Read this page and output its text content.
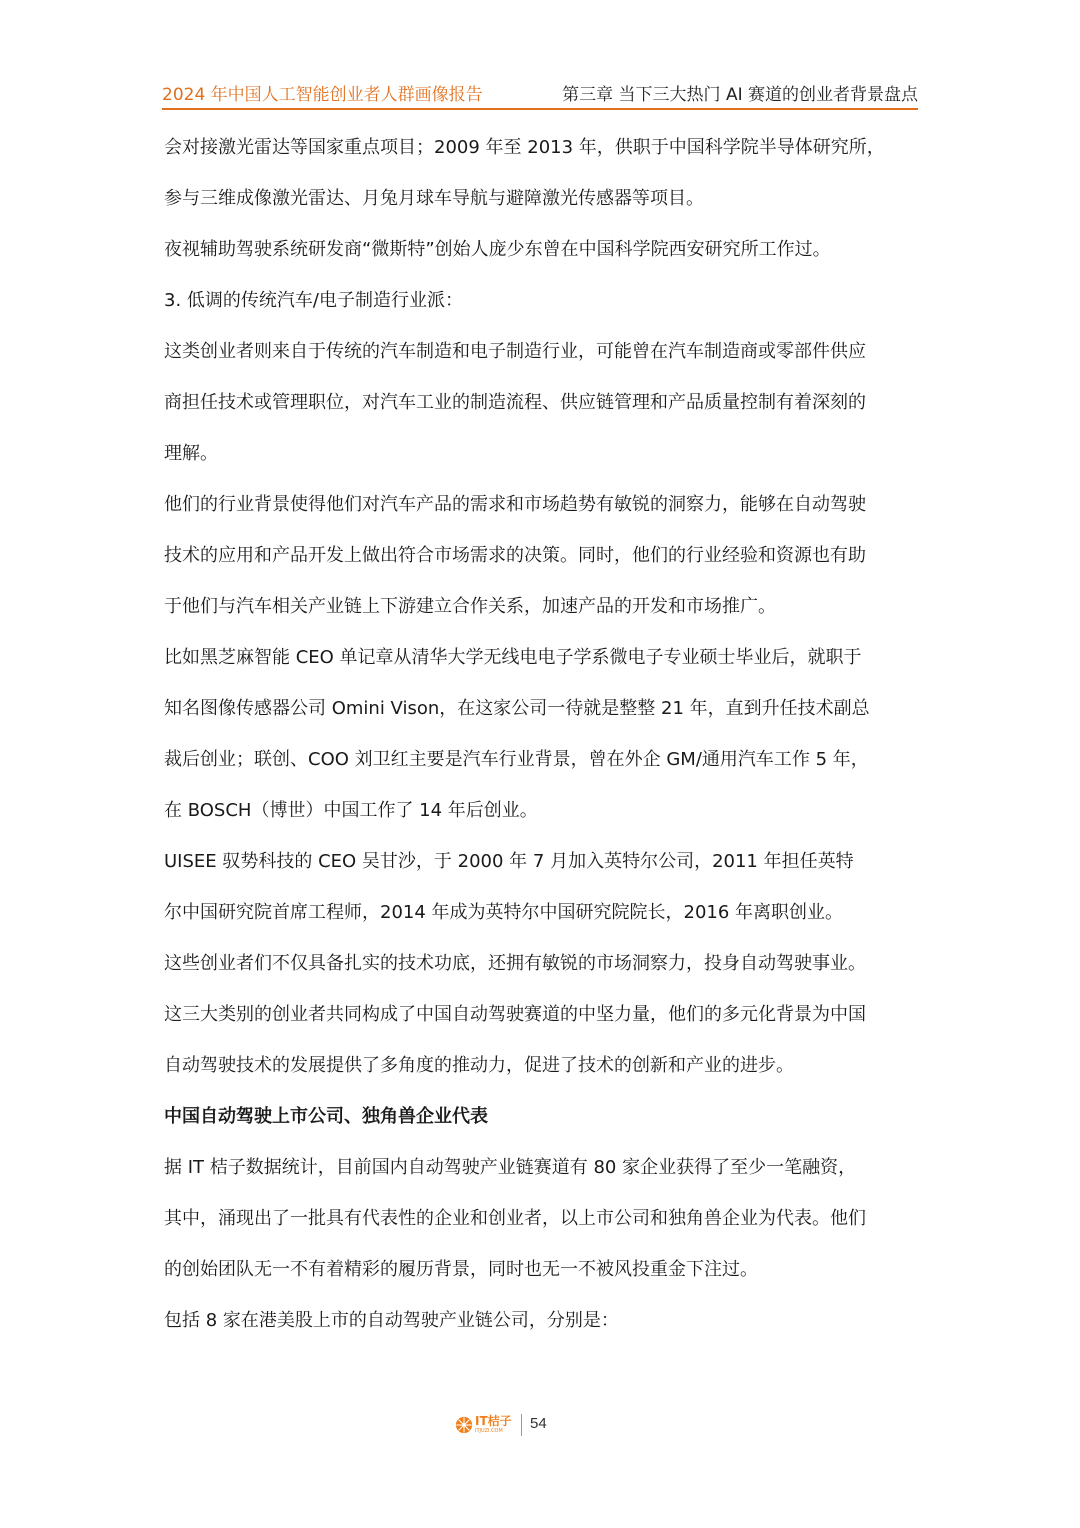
2024 年中国人工智能创业者人群画像报告	第三章 当下三大热门 AI 赛道的创业者背景盘点
会对接激光雷达等国家重点项目；2009 年至 2013 年，供职于中国科学院半导体研究所，
参与三维成像激光雷达、月兔月球车导航与避障激光传感器等项目。
夜视辅助驾驶系统研发商“微斯特”创始人庞少东曾在中国科学院西安研究所工作过。
3. 低调的传统汽车/电子制造行业派：
这类创业者则来自于传统的汽车制造和电子制造行业，可能曾在汽车制造商或零部件供应
商担任技术或管理职位，对汽车工业的制造流程、供应链管理和产品质量控制有着深刻的
理解。
他们的行业背景使得他们对汽车产品的需求和市场趋势有敏锐的洞察力，能够在自动驾驶
技术的应用和产品开发上做出符合市场需求的决策。同时，他们的行业经验和资源也有助
于他们与汽车相关产业链上下游建立合作关系，加速产品的开发和市场推广。
比如黑芝麻智能 CEO 单记章从清华大学无线电电子学系微电子专业硕士毕业后，就职于
知名图像传感器公司 Omini Vison，在这家公司一待就是整整 21 年，直到升任技术副总
裁后创业；联创、COO 刘卫红主要是汽车行业背景，曾在外企 GM/通用汽车工作 5 年，
在 BOSCH（博世）中国工作了 14 年后创业。
UISEE 驭势科技的 CEO 吴甘沙，于 2000 年 7 月加入英特尔公司，2011 年担任英特
尔中国研究院首席工程师，2014 年成为英特尔中国研究院院长，2016 年离职创业。
这些创业者们不仅具备扎实的技术功底，还拥有敏锐的市场洞察力，投身自动驾驶事业。
这三大类别的创业者共同构成了中国自动驾驶赛道的中坚力量，他们的多元化背景为中国
自动驾驶技术的发展提供了多角度的推动力，促进了技术的创新和产业的进步。
中国自动驾驶上市公司、独角兽企业代表
据 IT 桔子数据统计，目前国内自动驾驶产业链赛道有 80 家企业获得了至少一笔融资，
其中，涌现出了一批具有代表性的企业和创业者，以上市公司和独角兽企业为代表。他们
的创始团队无一不有着精彩的履历背景，同时也无一不被风投重金下注过。
包括 8 家在港美股上市的自动驾驶产业链公司，分别是：
IT桔子
ITJUZI.COM 54
